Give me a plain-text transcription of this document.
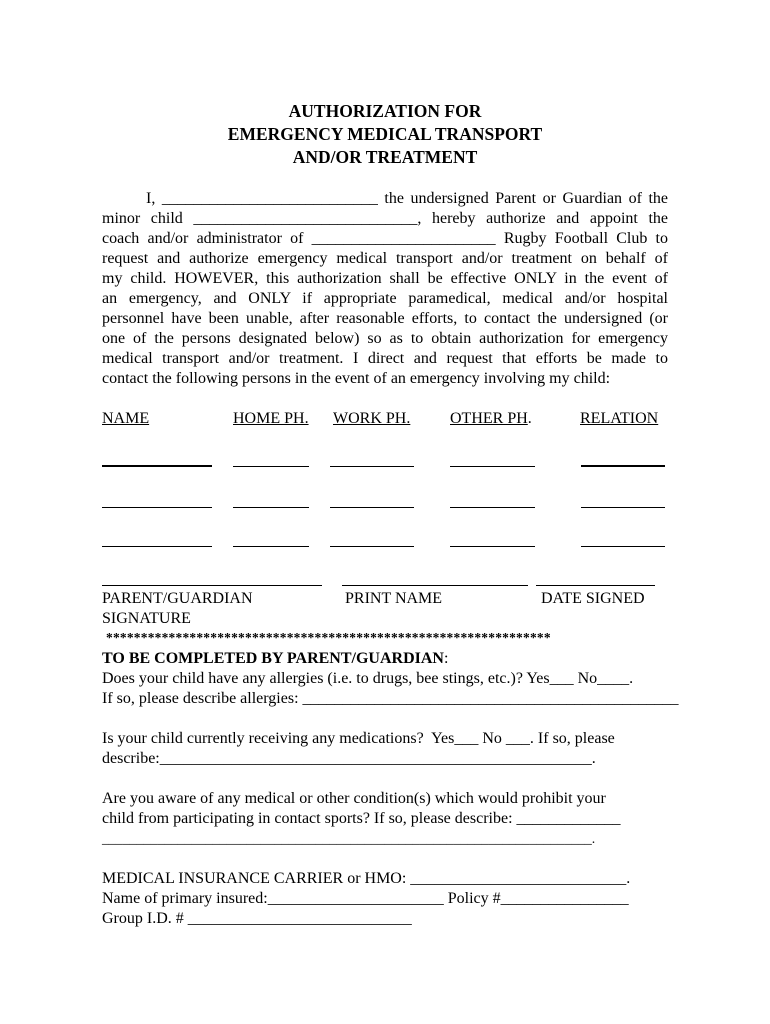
AUTHORIZATION FOR
EMERGENCY MEDICAL TRANSPORT
AND/OR TREATMENT
I, ___________________________ the undersigned Parent or Guardian of the
minor child ____________________________, hereby authorize and appoint the
coach and/or administrator of _______________________ Rugby Football Club to
request and authorize emergency medical transport and/or treatment on behalf of
my child. HOWEVER, this authorization shall be effective ONLY in the event of
an emergency, and ONLY if appropriate paramedical, medical and/or hospital
personnel have been unable, after reasonable efforts, to contact the undersigned (or
one of the persons designated below) so as to obtain authorization for emergency
medical transport and/or treatment. I direct and request that efforts be made to
contact the following persons in the event of an emergency involving my child:
NAME	HOME PH. WORK PH. OTHER PH.	RELATION
PARENT/GUARDIAN	PRINT NAME	DATE SIGNED
SIGNATURE
****************************************************************
TO BE COMPLETED BY PARENT/GUARDIAN:
Does your child have any allergies (i.e. to drugs, bee stings, etc.)? Yes___ No____.
If so, please describe allergies: _______________________________________________
Is your child currently receiving any medications?  Yes___ No ___. If so, please
describe:______________________________________________________.
Are you aware of any medical or other condition(s) which would prohibit your
child from participating in contact sports? If so, please describe: _____________
_______________________________________________________________________.
MEDICAL INSURANCE CARRIER or HMO: ___________________________.
Name of primary insured:______________________ Policy #________________
Group I.D. # ____________________________
